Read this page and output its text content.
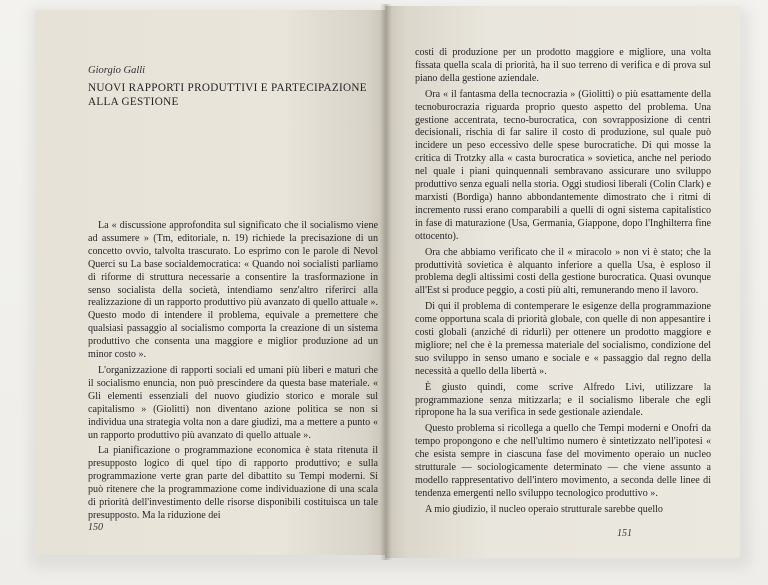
Giorgio Galli
NUOVI RAPPORTI PRODUTTIVI E PARTECIPAZIONE ALLA GESTIONE

La « discussione approfondita sul significato che il socialismo viene ad assumere » (Tm, editoriale, n. 19) richiede la precisazione di un concetto ovvio, talvolta trascurato. Lo esprimo con le parole di Nevol Querci su La base socialdemocratica: « Quando noi socialisti parliamo di riforme di struttura necessarie a consentire la trasformazione in senso socialista della società, intendiamo senz'altro riferirci alla realizzazione di un rapporto produttivo più avanzato di quello attuale ». Questo modo di intendere il problema, equivale a premettere che qualsiasi passaggio al socialismo comporta la creazione di un sistema produttivo che consenta una maggiore e miglior produzione ad un minor costo ».

L'organizzazione di rapporti sociali ed umani più liberi e maturi che il socialismo enuncia, non può prescindere da questa base materiale. « Gli elementi essenziali del nuovo giudizio storico e morale sul capitalismo » (Giolitti) non diventano azione politica se non si individua una strategia volta non a dare giudizi, ma a mettere a punto « un rapporto produttivo più avanzato di quello attuale ».

La pianificazione o programmazione economica è stata ritenuta il presupposto logico di quel tipo di rapporto produttivo; e sulla programmazione verte gran parte del dibattito su Tempi moderni. Si può ritenere che la programmazione come individuazione di una scala di priorità dell'investimento delle risorse disponibili costituisca un tale presupposto. Ma la riduzione dei

150

costi di produzione per un prodotto maggiore e migliore, una volta fissata quella scala di priorità, ha il suo terreno di verifica e di prova sul piano della gestione aziendale.

Ora « il fantasma della tecnocrazia » (Giolitti) o più esattamente della tecnoburocrazia riguarda proprio questo aspetto del problema. Una gestione accentrata, tecno-burocratica, con sovrapposizione di centri decisionali, rischia di far salire il costo di produzione, sul quale può incidere un peso eccessivo delle spese burocratiche. Di qui mosse la critica di Trotzky alla « casta burocratica » sovietica, anche nel periodo nel quale i piani quinquennali sembravano assicurare uno sviluppo produttivo senza eguali nella storia. Oggi studiosi liberali (Colin Clark) e marxisti (Bordiga) hanno abbondantemente dimostrato che i ritmi di incremento russi erano comparabili a quelli di ogni sistema capitalistico in fase di maturazione (Usa, Germania, Giappone, dopo l'Inghilterra fine ottocento).

Ora che abbiamo verificato che il « miracolo » non vi è stato; che la produttività sovietica è alquanto inferiore a quella Usa, è esploso il problema degli altissimi costi della gestione burocratica. Quasi ovunque all'Est si produce peggio, a costi più alti, remunerando meno il lavoro.

Di qui il problema di contemperare le esigenze della programmazione come opportuna scala di priorità globale, con quelle di non appesantire i costi globali (anziché di ridurli) per ottenere un prodotto maggiore e migliore; nel che è la premessa materiale del socialismo, condizione del suo sviluppo in senso umano e sociale e « passaggio dal regno della necessità a quello della libertà ».

È giusto quindi, come scrive Alfredo Livi, utilizzare la programmazione senza mitizzarla; e il socialismo liberale che egli ripropone ha la sua verifica in sede gestionale aziendale.

Questo problema si ricollega a quello che Tempi moderni e Onofri da tempo propongono e che nell'ultimo numero è sintetizzato nell'ipotesi « che esista sempre in ciascuna fase del movimento operaio un nucleo strutturale — sociologicamente determinato — che viene assunto a modello rappresentativo dell'intero movimento, a seconda delle linee di tendenza emergenti nello sviluppo tecnologico produttivo ».

A mio giudizio, il nucleo operaio strutturale sarebbe quello

151
